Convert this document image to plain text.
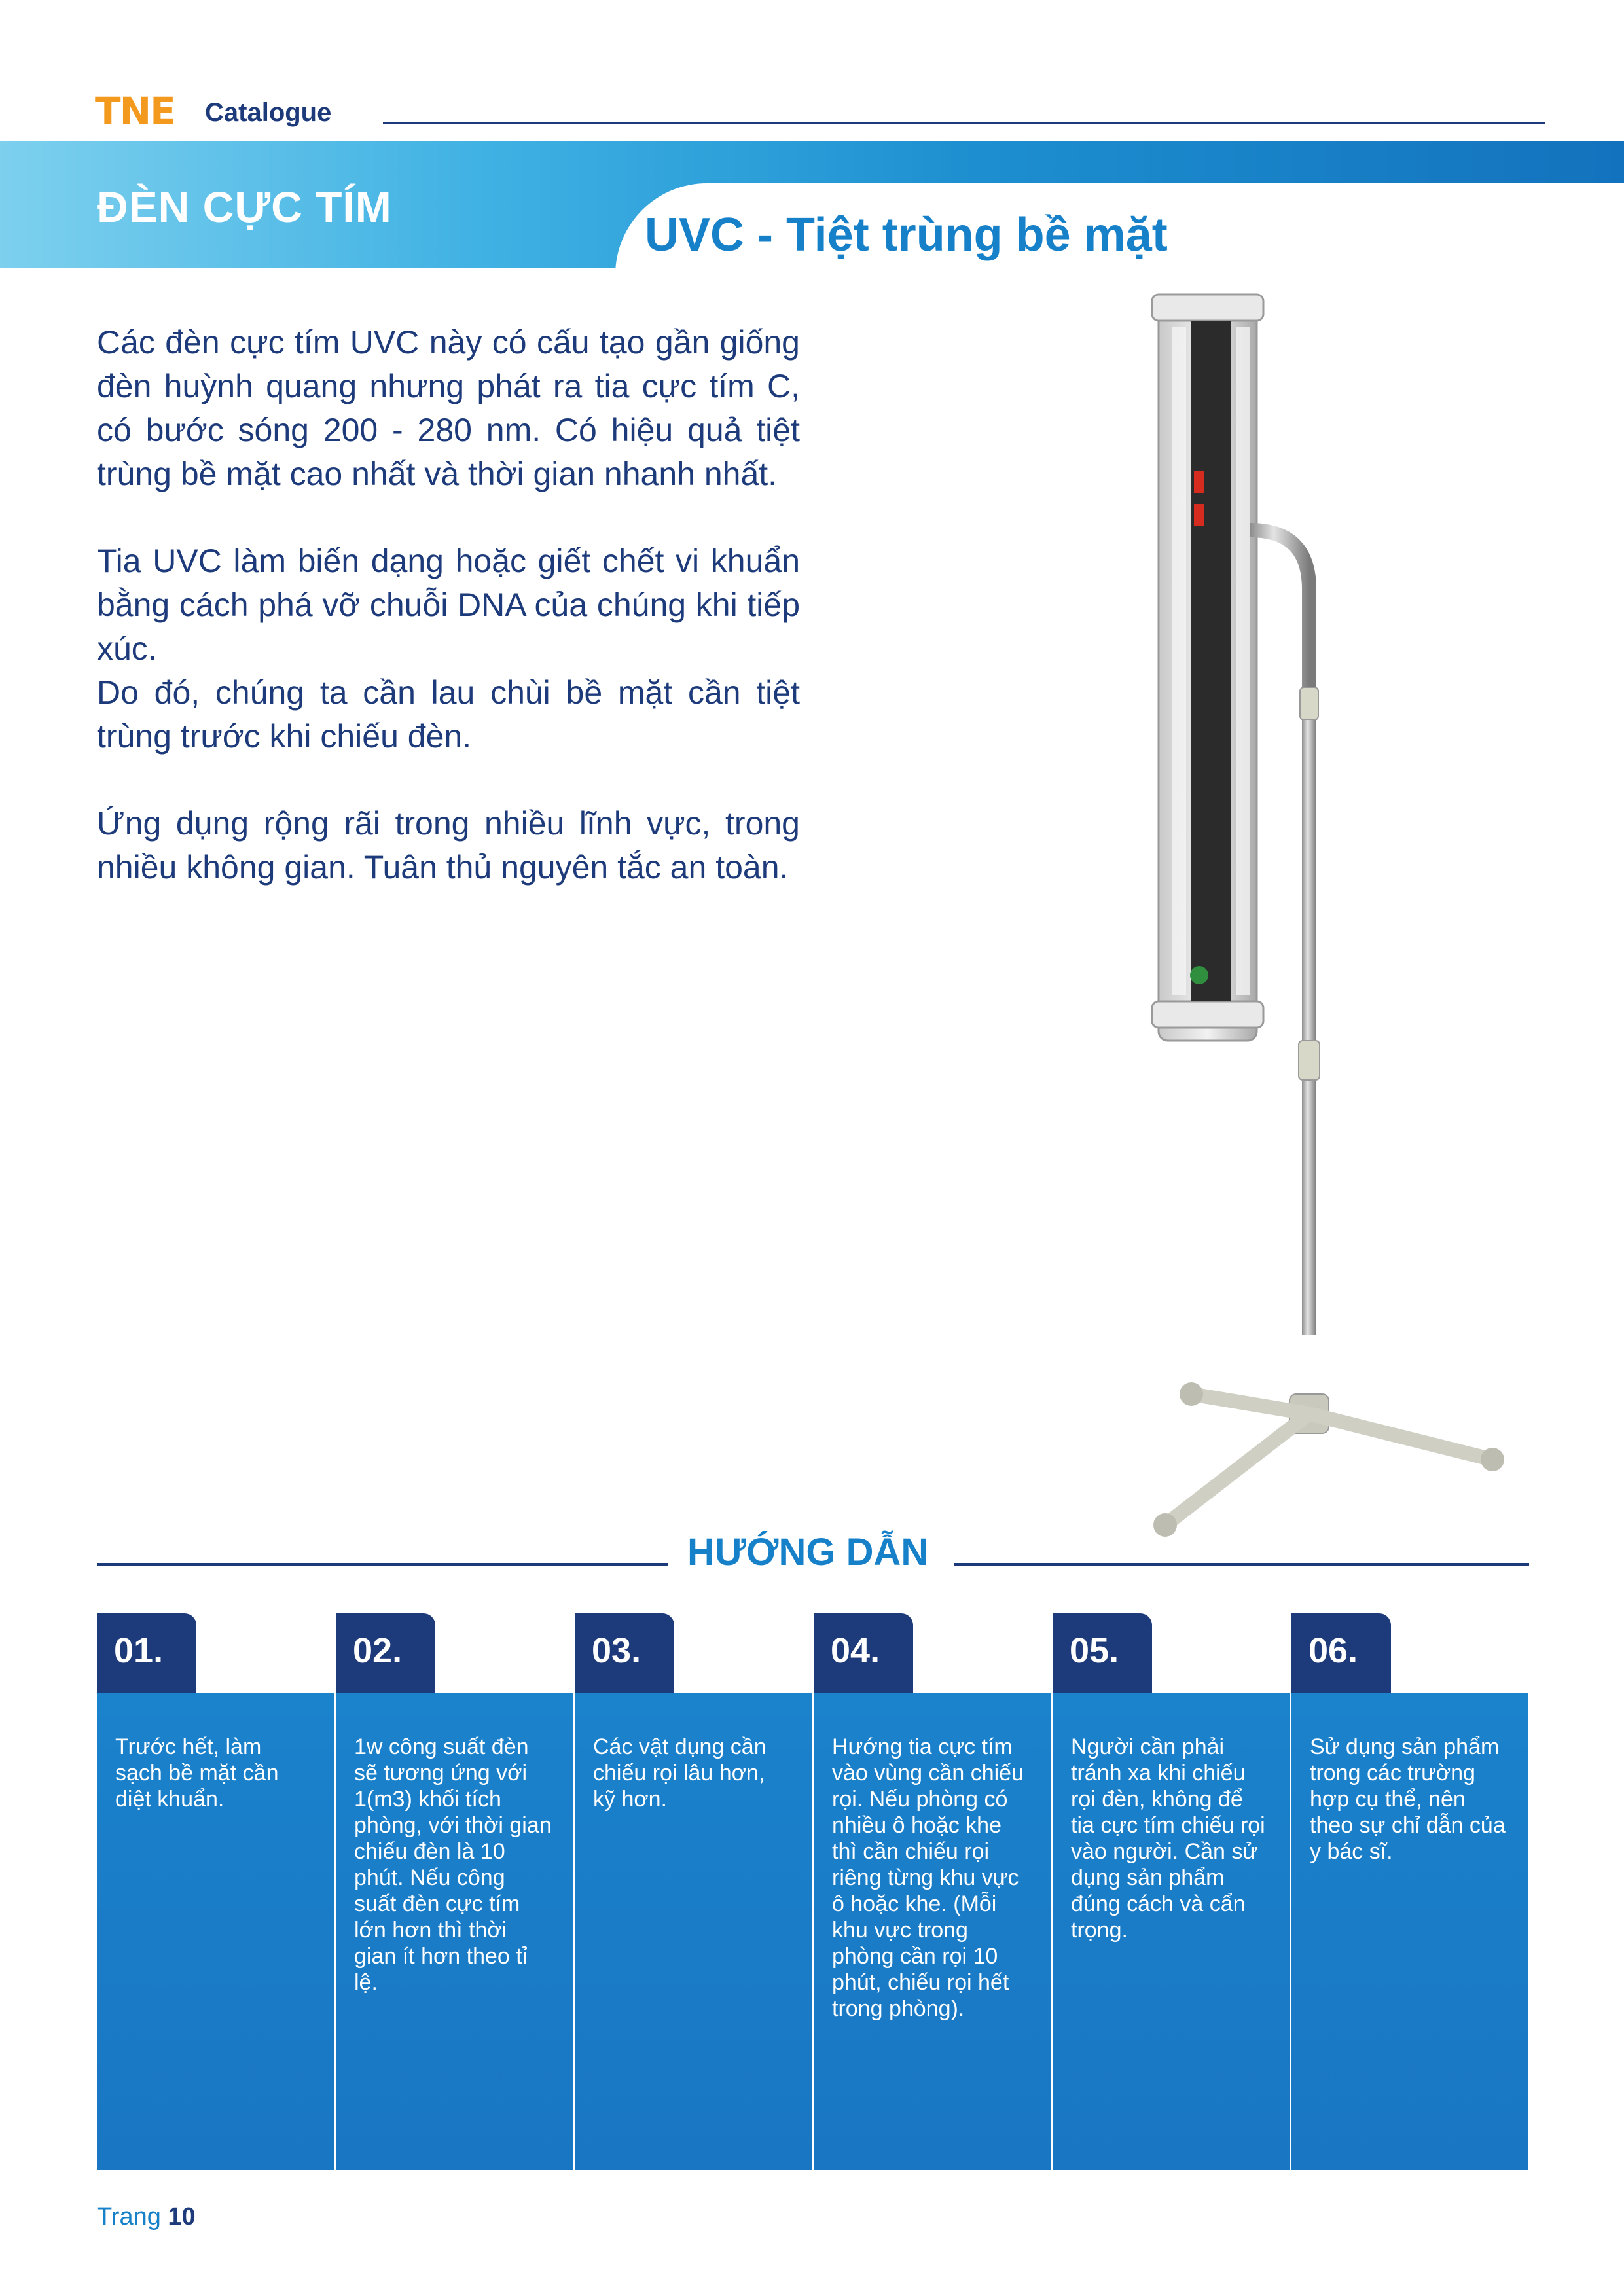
TNE Catalogue
ĐÈN CỰC TÍM
UVC - Tiệt trùng bề mặt

Các đèn cực tím UVC này có cấu tạo gần giống đèn huỳnh quang nhưng phát ra tia cực tím C, có bước sóng 200 - 280 nm. Có hiệu quả tiệt trùng bề mặt cao nhất và thời gian nhanh nhất.

Tia UVC làm biến dạng hoặc giết chết vi khuẩn bằng cách phá vỡ chuỗi DNA của chúng khi tiếp xúc.

Do đó, chúng ta cần lau chùi bề mặt cần tiệt trùng trước khi chiếu đèn.

Ứng dụng rộng rãi trong nhiều lĩnh vực, trong nhiều không gian. Tuân thủ nguyên tắc an toàn.

HƯỚNG DẪN
01.
Trước hết, làm sạch bề mặt cần diệt khuẩn.
02.
1w công suất đèn sẽ tương ứng với 1(m3) khối tích phòng, với thời gian chiếu đèn là 10 phút. Nếu công suất đèn cực tím lớn hơn thì thời gian ít hơn theo tỉ lệ.
03.
Các vật dụng cần chiếu rọi lâu hơn, kỹ hơn.
04.
Hướng tia cực tím vào vùng cần chiếu rọi. Nếu phòng có nhiều ô hoặc khe thì cần chiếu rọi riêng từng khu vực ô hoặc khe. (Mỗi khu vực trong phòng cần rọi 10 phút, chiếu rọi hết trong phòng).
05.
Người cần phải tránh xa khi chiếu rọi đèn, không để tia cực tím chiếu rọi vào người. Cần sử dụng sản phẩm đúng cách và cẩn trọng.
06.
Sử dụng sản phẩm trong các trường hợp cụ thể, nên theo sự chỉ dẫn của y bác sĩ.
Trang 10
